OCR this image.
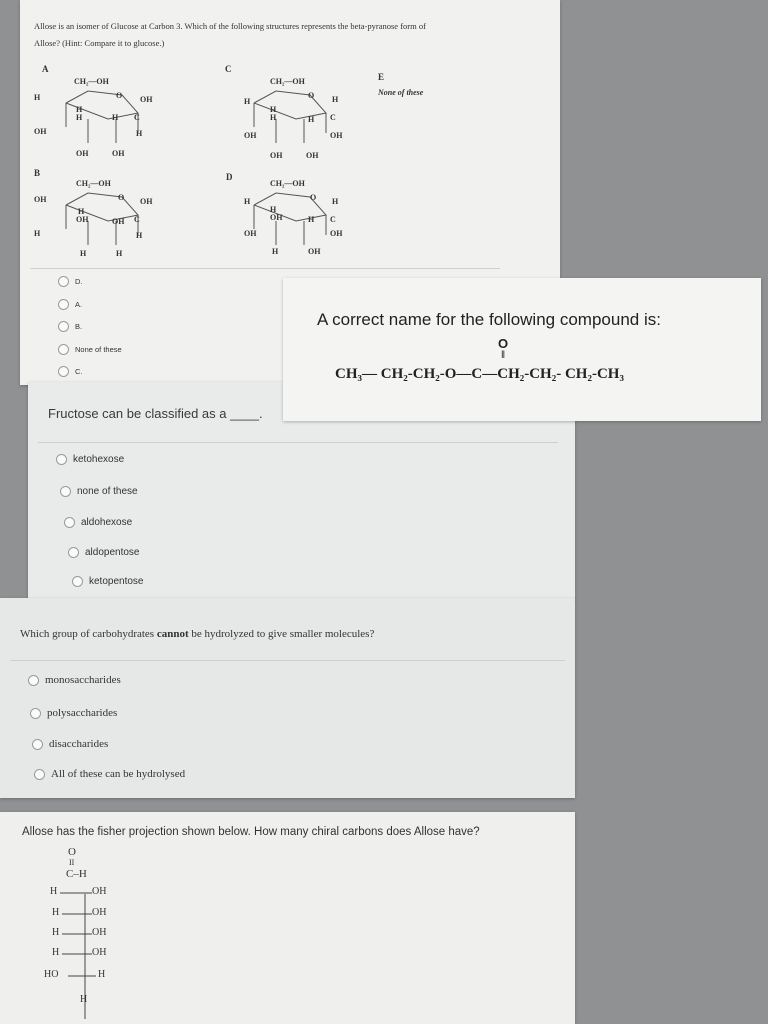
Allose is an isomer of Glucose at Carbon 3. Which of the following structures represents the beta-pyranose form of
Allose? (Hint: Compare it to glucose.)
A
B
C
D
E
None of these
CH₂—OH
H	O OH
H
H	H C
OH	H
OH	OH
CH₂—OH
OH	O OH
H
OH	OH C
H	H
H	H
CH₂—OH
H
O H
H
H	H C
OH	OH
OH	OH
CH₂—OH
H	O H
H
OH	H C
OH	OH
H	OH
D.
A.
B.
None of these
C.
Fructose can be classified as a ____.
ketohexose
none of these
aldohexose
aldopentose
ketopentose
A correct name for the following compound is:
O
‖
CH₃— CH₂-CH₂-O—C—CH₂-CH₂- CH₂-CH₃
Which group of carbohydrates cannot be hydrolyzed to give smaller molecules?
monosaccharides
polysaccharides
disaccharides
All of these can be hydrolysed
Allose has the fisher projection shown below. How many chiral carbons does Allose have?
O
II
C–H
H	OH
H	OH
H	OH
H	OH
HO	H
H
